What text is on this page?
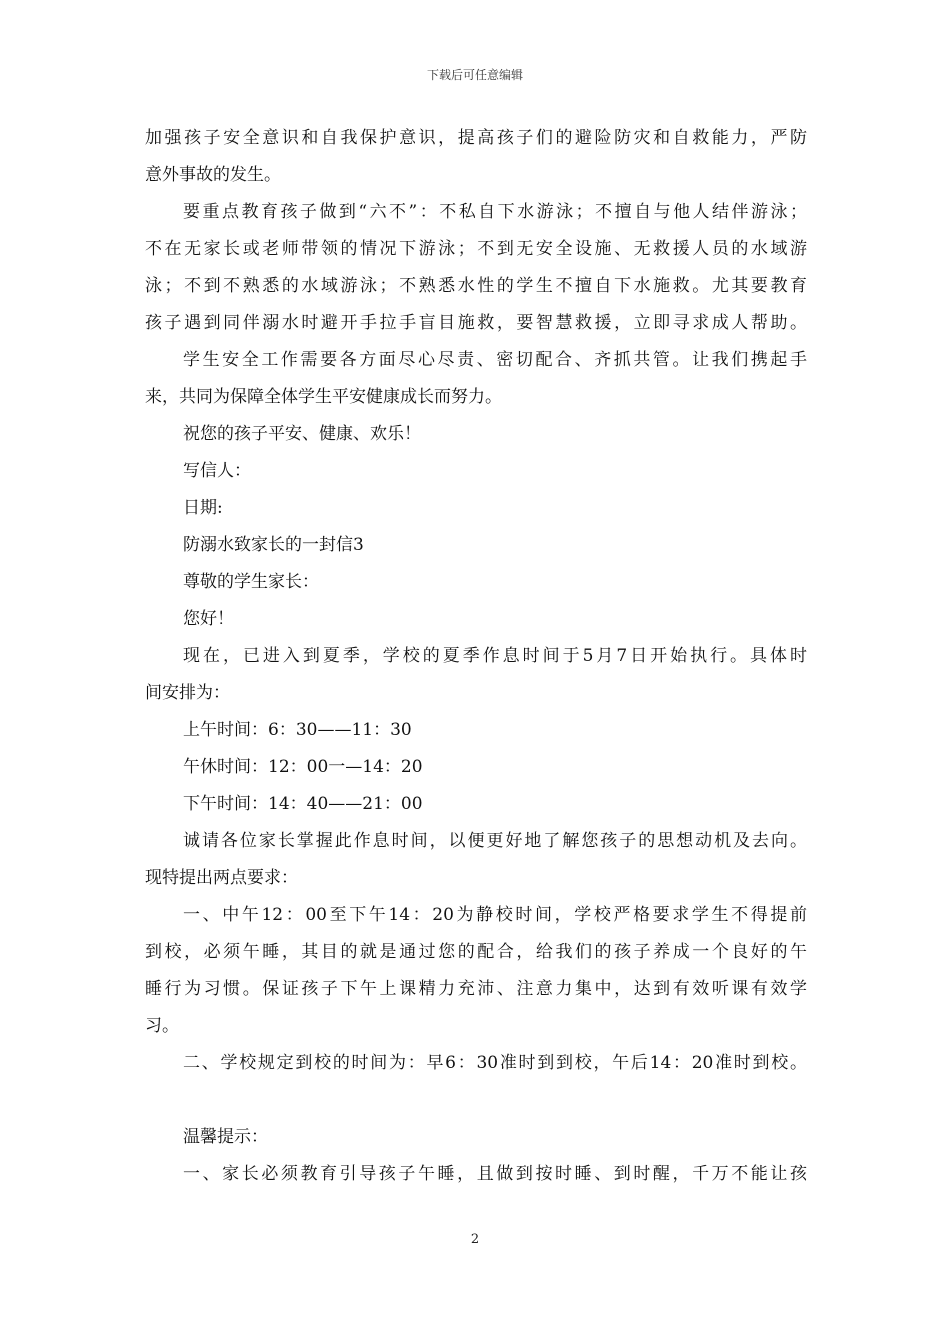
下载后可任意编辑
加强孩子安全意识和自我保护意识，提高孩子们的避险防灾和自救能力，严防
意外事故的发生。
要重点教育孩子做到“六不”：不私自下水游泳；不擅自与他人结伴游泳；
不在无家长或老师带领的情况下游泳；不到无安全设施、无救援人员的水域游
泳；不到不熟悉的水域游泳；不熟悉水性的学生不擅自下水施救。尤其要教育
孩子遇到同伴溺水时避开手拉手盲目施救，要智慧救援，立即寻求成人帮助。
学生安全工作需要各方面尽心尽责、密切配合、齐抓共管。让我们携起手
来，共同为保障全体学生平安健康成长而努力。
祝您的孩子平安、健康、欢乐！
写信人：
日期:
防溺水致家长的一封信3
尊敬的学生家长：
您好！
现在，已进入到夏季，学校的夏季作息时间于5月7日开始执行。具体时
间安排为：
上午时间：6：30——11：30
午休时间：12：00一—14：20
下午时间：14：40——21：00
诚请各位家长掌握此作息时间，以便更好地了解您孩子的思想动机及去向。
现特提出两点要求：
一、中午12：00至下午14：20为静校时间，学校严格要求学生不得提前
到校，必须午睡，其目的就是通过您的配合，给我们的孩子养成一个良好的午
睡行为习惯。保证孩子下午上课精力充沛、注意力集中，达到有效听课有效学
习。
二、学校规定到校的时间为：早6：30准时到到校，午后14：20准时到校。
温馨提示：
一、家长必须教育引导孩子午睡，且做到按时睡、到时醒，千万不能让孩
2
